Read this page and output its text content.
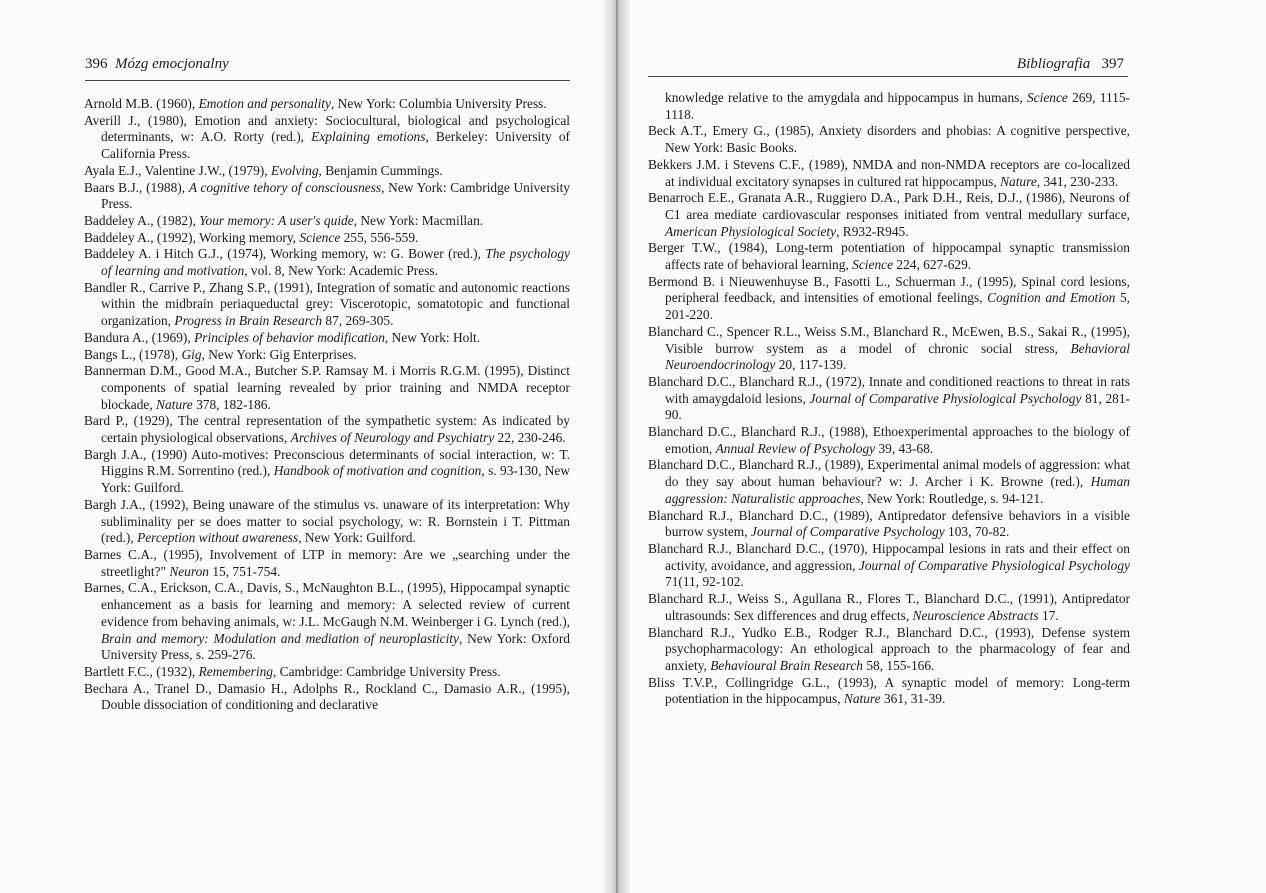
396 Mózg emocjonalny
Arnold M.B. (1960), Emotion and personality, New York: Columbia University Press.
Averill J., (1980), Emotion and anxiety: Sociocultural, biological and psychological determinants, w: A.O. Rorty (red.), Explaining emotions, Berkeley: University of California Press.
Ayala E.J., Valentine J.W., (1979), Evolving, Benjamin Cummings.
Baars B.J., (1988), A cognitive tehory of consciousness, New York: Cambridge University Press.
Baddeley A., (1982), Your memory: A user's quide, New York: Macmillan.
Baddeley A., (1992), Working memory, Science 255, 556-559.
Baddeley A. i Hitch G.J., (1974), Working memory, w: G. Bower (red.), The psychology of learning and motivation, vol. 8, New York: Academic Press.
Bandler R., Carrive P., Zhang S.P., (1991), Integration of somatic and autonomic reactions within the midbrain periaqueductal grey: Viscerotopic, somatotopic and functional organization, Progress in Brain Research 87, 269-305.
Bandura A., (1969), Principles of behavior modification, New York: Holt.
Bangs L., (1978), Gig, New York: Gig Enterprises.
Bannerman D.M., Good M.A., Butcher S.P. Ramsay M. i Morris R.G.M. (1995), Distinct components of spatial learning revealed by prior training and NMDA receptor blockade, Nature 378, 182-186.
Bard P., (1929), The central representation of the sympathetic system: As indicated by certain physiological observations, Archives of Neurology and Psychiatry 22, 230-246.
Bargh J.A., (1990) Auto-motives: Preconscious determinants of social interaction, w: T. Higgins R.M. Sorrentino (red.), Handbook of motivation and cognition, s. 93-130, New York: Guilford.
Bargh J.A., (1992), Being unaware of the stimulus vs. unaware of its interpretation: Why subliminality per se does matter to social psychology, w: R. Bornstein i T. Pittman (red.), Perception without awareness, New York: Guilford.
Barnes C.A., (1995), Involvement of LTP in memory: Are we „searching under the streetlight?" Neuron 15, 751-754.
Barnes, C.A., Erickson, C.A., Davis, S., McNaughton B.L., (1995), Hippocampal synaptic enhancement as a basis for learning and memory: A selected review of current evidence from behaving animals, w: J.L. McGaugh N.M. Weinberger i G. Lynch (red.), Brain and memory: Modulation and mediation of neuroplasticity, New York: Oxford University Press, s. 259-276.
Bartlett F.C., (1932), Remembering, Cambridge: Cambridge University Press.
Bechara A., Tranel D., Damasio H., Adolphs R., Rockland C., Damasio A.R., (1995), Double dissociation of conditioning and declarative
Bibliografia 397
knowledge relative to the amygdala and hippocampus in humans, Science 269, 1115-1118.
Beck A.T., Emery G., (1985), Anxiety disorders and phobias: A cognitive perspective, New York: Basic Books.
Bekkers J.M. i Stevens C.F., (1989), NMDA and non-NMDA receptors are co-localized at individual excitatory synapses in cultured rat hippocampus, Nature, 341, 230-233.
Benarroch E.E., Granata A.R., Ruggiero D.A., Park D.H., Reis, D.J., (1986), Neurons of C1 area mediate cardiovascular responses initiated from ventral medullary surface, American Physiological Society, R932-R945.
Berger T.W., (1984), Long-term potentiation of hippocampal synaptic transmission affects rate of behavioral learning, Science 224, 627-629.
Bermond B. i Nieuwenhuyse B., Fasotti L., Schuerman J., (1995), Spinal cord lesions, peripheral feedback, and intensities of emotional feelings, Cognition and Emotion 5, 201-220.
Blanchard C., Spencer R.L., Weiss S.M., Blanchard R., McEwen, B.S., Sakai R., (1995), Visible burrow system as a model of chronic social stress, Behavioral Neuroendocrinology 20, 117-139.
Blanchard D.C., Blanchard R.J., (1972), Innate and conditioned reactions to threat in rats with amaygdaloid lesions, Journal of Comparative Physiological Psychology 81, 281-90.
Blanchard D.C., Blanchard R.J., (1988), Ethoexperimental approaches to the biology of emotion, Annual Review of Psychology 39, 43-68.
Blanchard D.C., Blanchard R.J., (1989), Experimental animal models of aggression: what do they say about human behaviour? w: J. Archer i K. Browne (red.), Human aggression: Naturalistic approaches, New York: Routledge, s. 94-121.
Blanchard R.J., Blanchard D.C., (1989), Antipredator defensive behaviors in a visible burrow system, Journal of Comparative Psychology 103, 70-82.
Blanchard R.J., Blanchard D.C., (1970), Hippocampal lesions in rats and their effect on activity, avoidance, and aggression, Journal of Comparative Physiological Psychology 71(11, 92-102.
Blanchard R.J., Weiss S., Agullana R., Flores T., Blanchard D.C., (1991), Antipredator ultrasounds: Sex differences and drug effects, Neuroscience Abstracts 17.
Blanchard R.J., Yudko E.B., Rodger R.J., Blanchard D.C., (1993), Defense system psychopharmacology: An ethological approach to the pharmacology of fear and anxiety, Behavioural Brain Research 58, 155-166.
Bliss T.V.P., Collingridge G.L., (1993), A synaptic model of memory: Long-term potentiation in the hippocampus, Nature 361, 31-39.
